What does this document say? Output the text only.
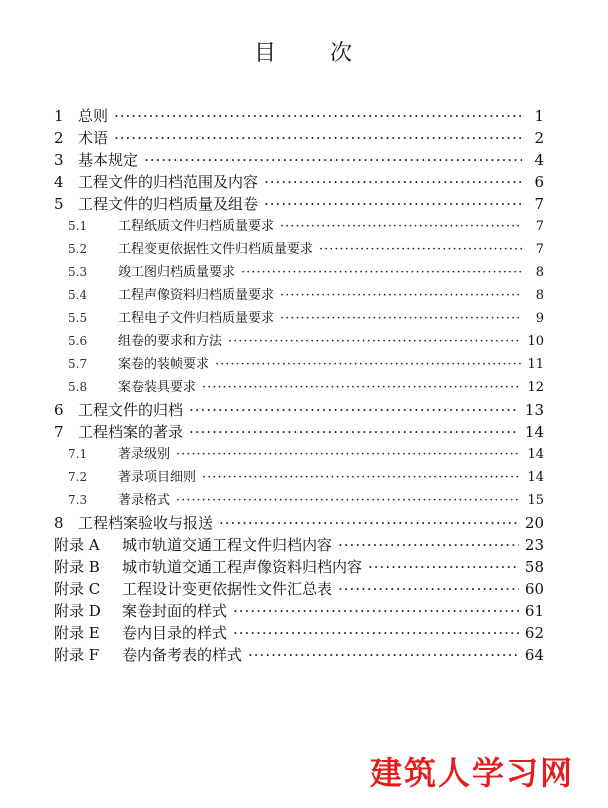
目 次
1 总则 ·····	1
2 术语 ·····	2
3 基本规定 ·····	4
4 工程文件的归档范围及内容 ·····	6
5 工程文件的归档质量及组卷 ·····	7
5.1	工程纸质文件归档质量要求 ·····	7
5.2	工程变更依据性文件归档质量要求 ·····	7
5.3	竣工图归档质量要求 ·····	8
5.4	工程声像资料归档质量要求 ·····	8
5.5	工程电子文件归档质量要求 ·····	9
5.6	组卷的要求和方法 ·····	10
5.7	案卷的装帧要求 ·····	11
5.8	案卷装具要求 ·····	12
6 工程文件的归档 ·····	13
7 工程档案的著录 ·····	14
7.1	著录级别 ·····	14
7.2	著录项目细则 ·····	14
7.3	著录格式 ·····	15
8 工程档案验收与报送 ·····	20
附录 A	城市轨道交通工程文件归档内容 ·····	23
附录 B	城市轨道交通工程声像资料归档内容 ·····	58
附录 C	工程设计变更依据性文件汇总表 ·····	60
附录 D	案卷封面的样式 ·····	61
附录 E	卷内目录的样式 ·····	62
附录 F	卷内备考表的样式 ·····	64
建筑人学习网
